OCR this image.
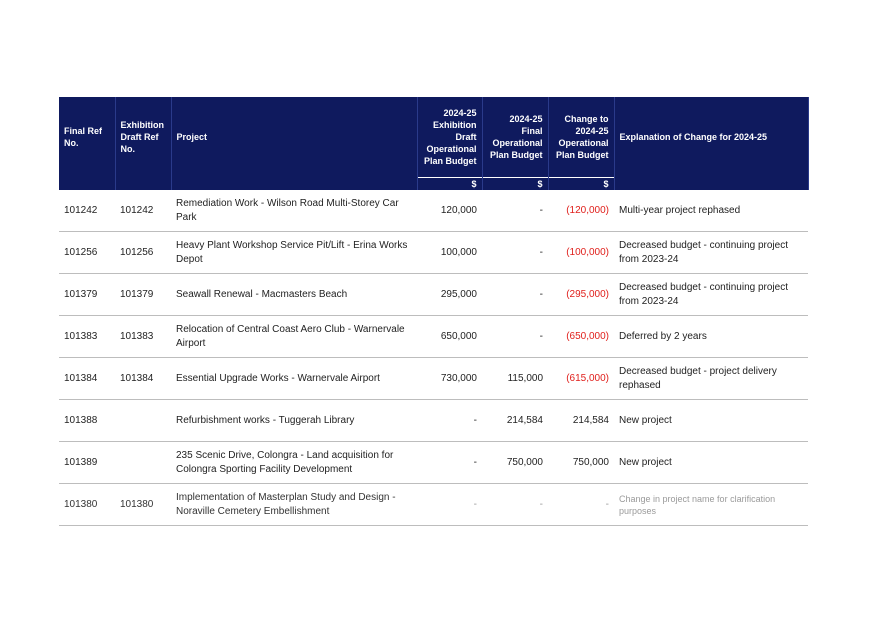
Final Ref No.	Exhibition Draft Ref No.	Project	2024-25 Exhibition Draft Operational Plan Budget	2024-25 Final Operational Plan Budget	Change to 2024-25 Operational Plan Budget	Explanation of Change for 2024-25
			$	$	$	
101242	101242	Remediation Work - Wilson Road Multi-Storey Car Park	120,000	-	(120,000)	Multi-year project rephased
101256	101256	Heavy Plant Workshop Service Pit/Lift - Erina Works Depot	100,000	-	(100,000)	Decreased budget - continuing project from 2023-24
101379	101379	Seawall Renewal - Macmasters Beach	295,000	-	(295,000)	Decreased budget - continuing project from 2023-24
101383	101383	Relocation of Central Coast Aero Club - Warnervale Airport	650,000	-	(650,000)	Deferred by 2 years
101384	101384	Essential Upgrade Works - Warnervale Airport	730,000	115,000	(615,000)	Decreased budget - project delivery rephased
101388		Refurbishment works - Tuggerah Library	-	214,584	214,584	New project
101389		235 Scenic Drive, Colongra - Land acquisition for Colongra Sporting Facility Development	-	750,000	750,000	New project
101380	101380	Implementation of Masterplan Study and Design - Noraville Cemetery Embellishment	-	-	-	Change in project name for clarification purposes
